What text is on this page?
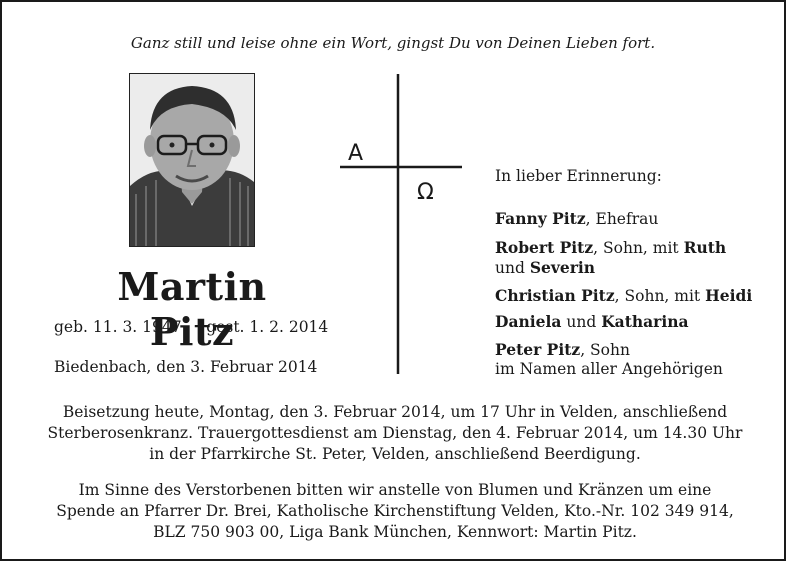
Ganz still und leise ohne ein Wort, gingst Du von Deinen Lieben fort.
Martin Pitz
geb. 11. 3. 1947 gest. 1. 2. 2014
Biedenbach, den 3. Februar 2014
A
Ω
In lieber Erinnerung:
Fanny Pitz, Ehefrau
Robert Pitz, Sohn, mit Ruth
und Severin
Christian Pitz, Sohn, mit Heidi
Daniela und Katharina
Peter Pitz, Sohn
im Namen aller Angehörigen
Beisetzung heute, Montag, den 3. Februar 2014, um 17 Uhr in Velden, anschließend
Sterberosenkranz. Trauergottesdienst am Dienstag, den 4. Februar 2014, um 14.30 Uhr
in der Pfarrkirche St. Peter, Velden, anschließend Beerdigung.
Im Sinne des Verstorbenen bitten wir anstelle von Blumen und Kränzen um eine
Spende an Pfarrer Dr. Brei, Katholische Kirchenstiftung Velden, Kto.-Nr. 102 349 914,
BLZ 750 903 00, Liga Bank München, Kennwort: Martin Pitz.
